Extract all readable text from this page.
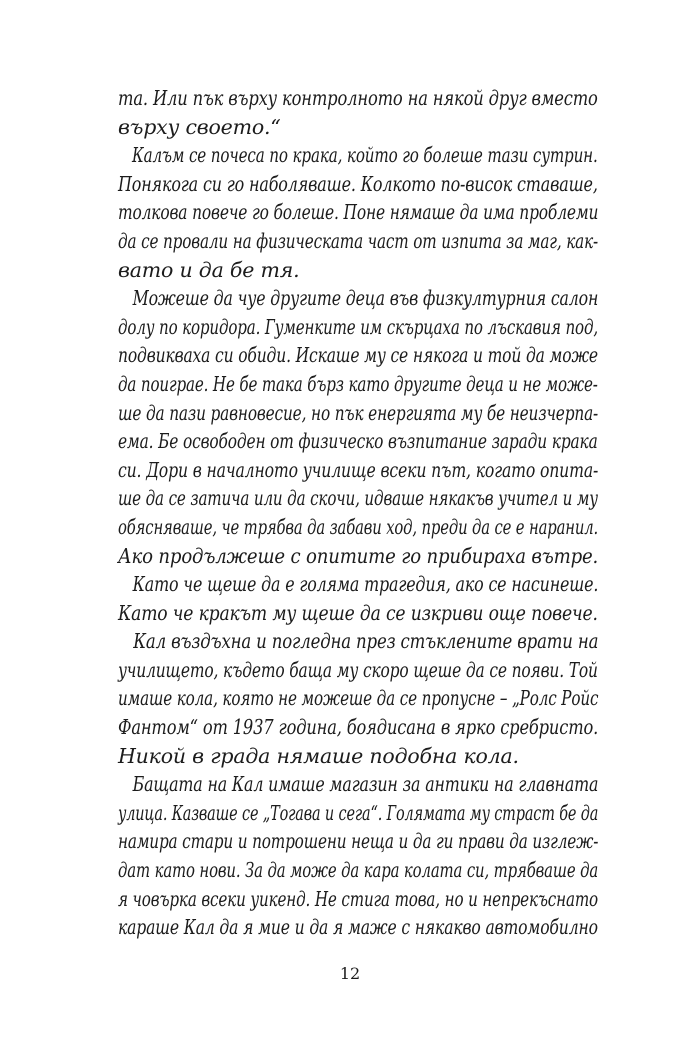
та. Или пък върху контролното на някой друг вместо
върху своето.“
Калъм се почеса по крака, който го болеше тази сутрин.
Понякога си го наболяваше. Колкото по-висок ставаше,
толкова повече го болеше. Поне нямаше да има проблеми
да се провали на физическата част от изпита за маг, как-
вато и да бе тя.
Можеше да чуе другите деца във физкултурния салон
долу по коридора. Гуменките им скърцаха по лъскавия под,
подвикваха си обиди. Искаше му се някога и той да може
да поиграе. Не бе така бърз като другите деца и не може-
ше да пази равновесие, но пък енергията му бе неизчерпа-
ема. Бе освободен от физическо възпитание заради крака
си. Дори в началното училище всеки път, когато опита-
ше да се затича или да скочи, идваше някакъв учител и му
обясняваше, че трябва да забави ход, преди да се е наранил.
Ако продължеше с опитите го прибираха вътре.
Като че щеше да е голяма трагедия, ако се насинеше.
Като че кракът му щеше да се изкриви още повече.
Кал въздъхна и погледна през стъклените врати на
училището, където баща му скоро щеше да се появи. Той
имаше кола, която не можеше да се пропусне – „Ролс Ройс
Фантом“ от 1937 година, боядисана в ярко сребристо.
Никой в града нямаше подобна кола.
Бащата на Кал имаше магазин за антики на главната
улица. Казваше се „Тогава и сега“. Голямата му страст бе да
намира стари и потрошени неща и да ги прави да изглеж-
дат като нови. За да може да кара колата си, трябваше да
я човърка всеки уикенд. Не стига това, но и непрекъснато
караше Кал да я мие и да я маже с някакво автомобилно
12
